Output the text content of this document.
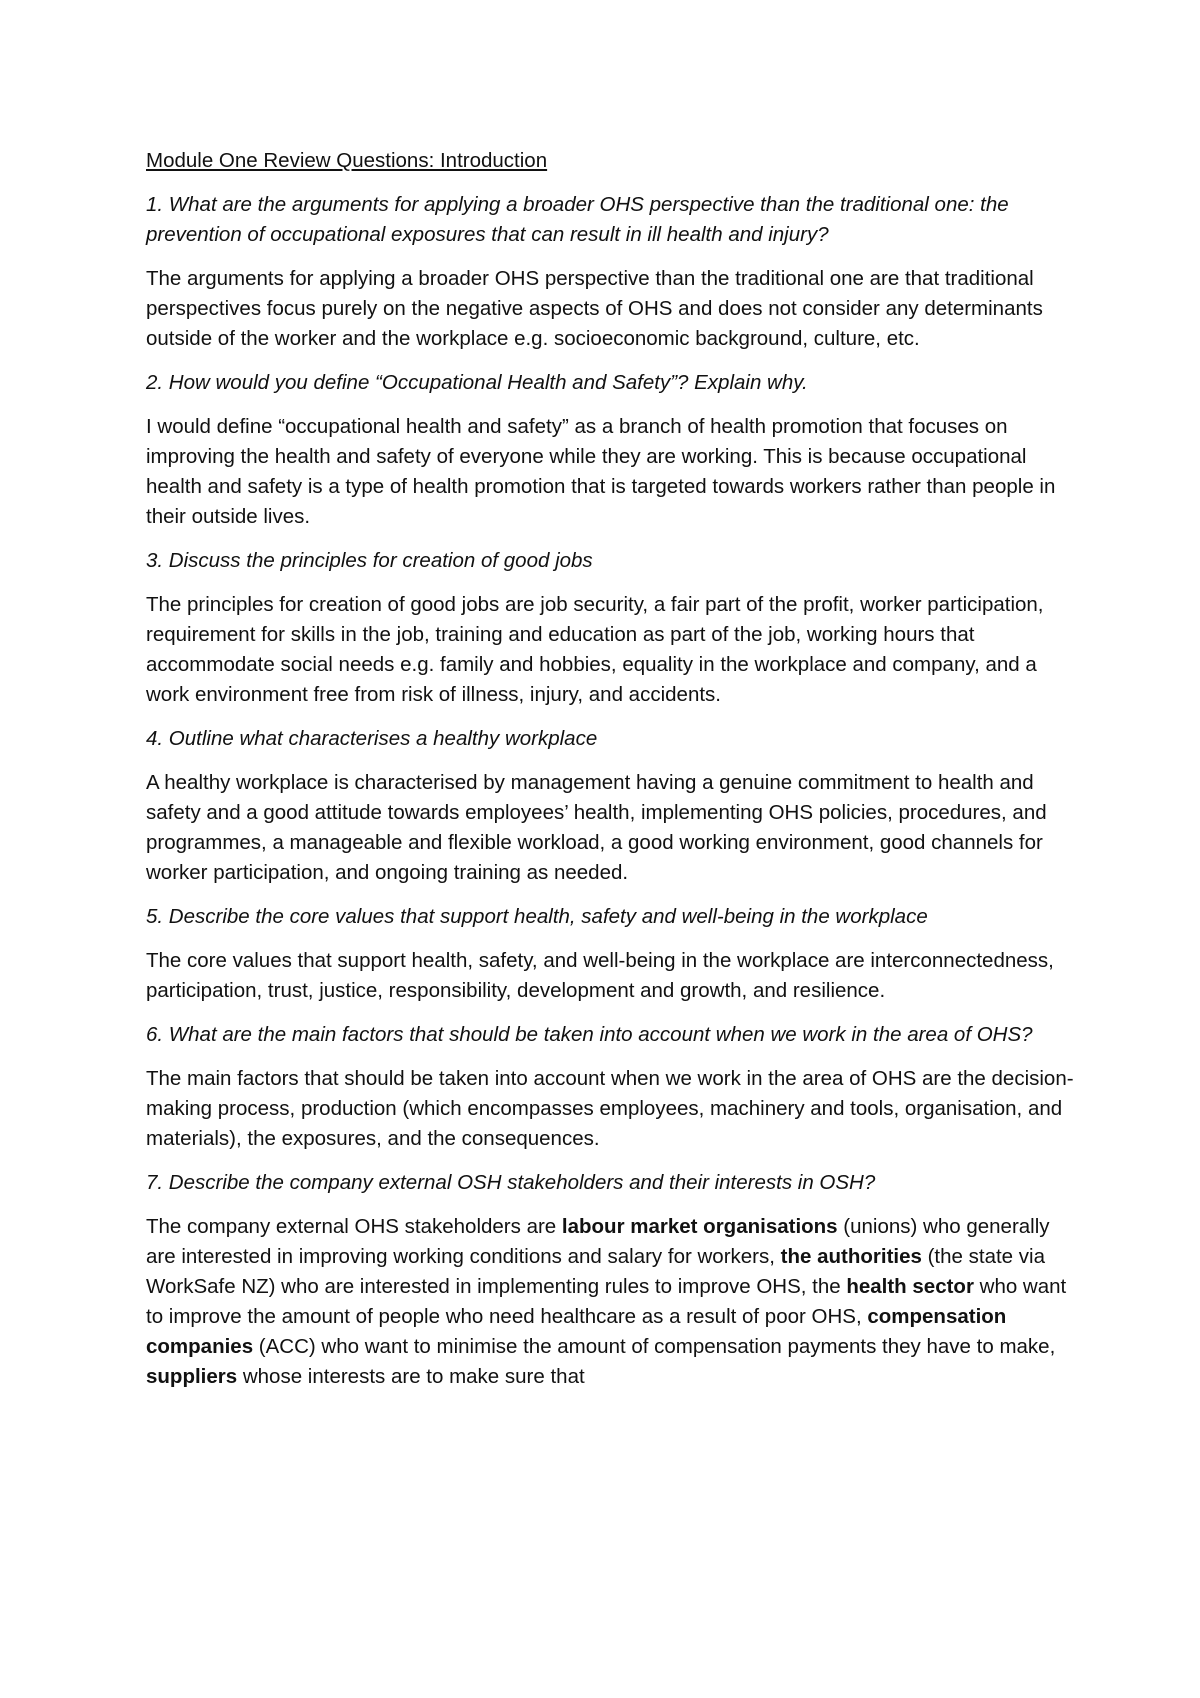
Module One Review Questions: Introduction

1. What are the arguments for applying a broader OHS perspective than the traditional one: the prevention of occupational exposures that can result in ill health and injury?

The arguments for applying a broader OHS perspective than the traditional one are that traditional perspectives focus purely on the negative aspects of OHS and does not consider any determinants outside of the worker and the workplace e.g. socioeconomic background, culture, etc.

2. How would you define “Occupational Health and Safety”? Explain why.

I would define “occupational health and safety” as a branch of health promotion that focuses on improving the health and safety of everyone while they are working. This is because occupational health and safety is a type of health promotion that is targeted towards workers rather than people in their outside lives.

3. Discuss the principles for creation of good jobs

The principles for creation of good jobs are job security, a fair part of the profit, worker participation, requirement for skills in the job, training and education as part of the job, working hours that accommodate social needs e.g. family and hobbies, equality in the workplace and company, and a work environment free from risk of illness, injury, and accidents.

4. Outline what characterises a healthy workplace

A healthy workplace is characterised by management having a genuine commitment to health and safety and a good attitude towards employees’ health, implementing OHS policies, procedures, and programmes, a manageable and flexible workload, a good working environment, good channels for worker participation, and ongoing training as needed.

5. Describe the core values that support health, safety and well-being in the workplace

The core values that support health, safety, and well-being in the workplace are interconnectedness, participation, trust, justice, responsibility, development and growth, and resilience.

6. What are the main factors that should be taken into account when we work in the area of OHS?

The main factors that should be taken into account when we work in the area of OHS are the decision-making process, production (which encompasses employees, machinery and tools, organisation, and materials), the exposures, and the consequences.

7. Describe the company external OSH stakeholders and their interests in OSH?

The company external OHS stakeholders are labour market organisations (unions) who generally are interested in improving working conditions and salary for workers, the authorities (the state via WorkSafe NZ) who are interested in implementing rules to improve OHS, the health sector who want to improve the amount of people who need healthcare as a result of poor OHS, compensation companies (ACC) who want to minimise the amount of compensation payments they have to make, suppliers whose interests are to make sure that
